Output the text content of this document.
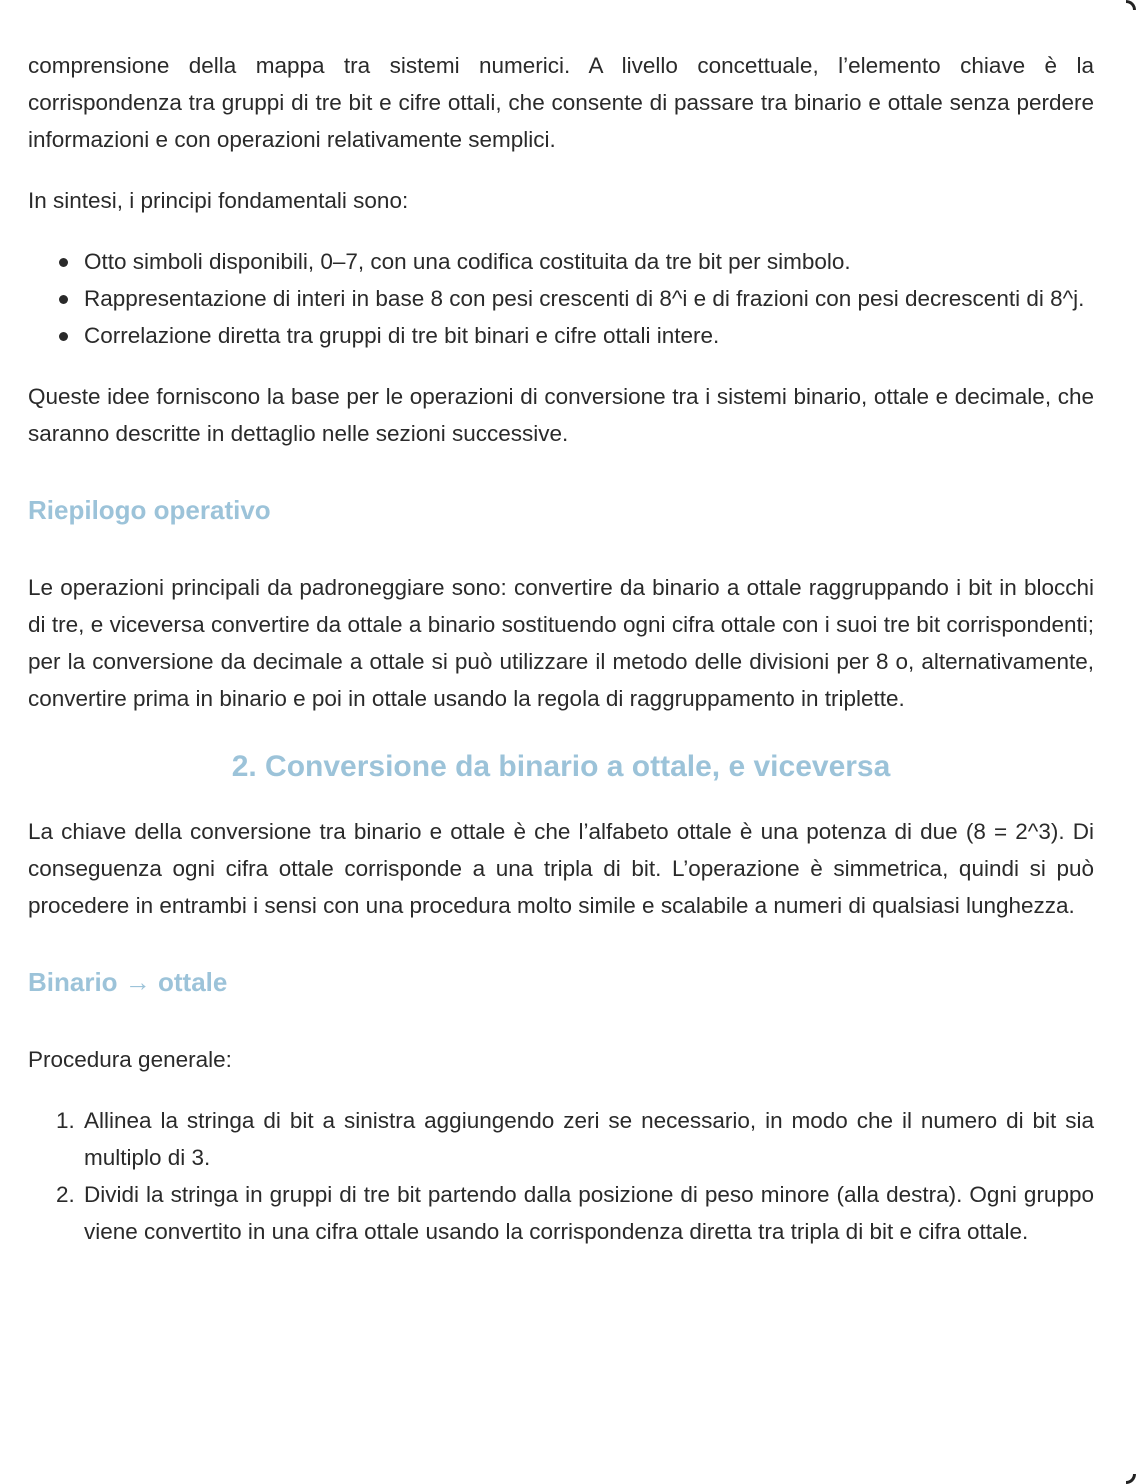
comprensione della mappa tra sistemi numerici. A livello concettuale, l’elemento chiave è la corrispondenza tra gruppi di tre bit e cifre ottali, che consente di passare tra binario e ottale senza perdere informazioni e con operazioni relativamente semplici.

In sintesi, i principi fondamentali sono:

Otto simboli disponibili, 0–7, con una codifica costituita da tre bit per simbolo.
Rappresentazione di interi in base 8 con pesi crescenti di 8^i e di frazioni con pesi decrescenti di 8^j.
Correlazione diretta tra gruppi di tre bit binari e cifre ottali intere.

Queste idee forniscono la base per le operazioni di conversione tra i sistemi binario, ottale e decimale, che saranno descritte in dettaglio nelle sezioni successive.

Riepilogo operativo

Le operazioni principali da padroneggiare sono: convertire da binario a ottale raggruppando i bit in blocchi di tre, e viceversa convertire da ottale a binario sostituendo ogni cifra ottale con i suoi tre bit corrispondenti; per la conversione da decimale a ottale si può utilizzare il metodo delle divisioni per 8 o, alternativamente, convertire prima in binario e poi in ottale usando la regola di raggruppamento in triplette.

2. Conversione da binario a ottale, e viceversa

La chiave della conversione tra binario e ottale è che l’alfabeto ottale è una potenza di due (8 = 2^3). Di conseguenza ogni cifra ottale corrisponde a una tripla di bit. L’operazione è simmetrica, quindi si può procedere in entrambi i sensi con una procedura molto simile e scalabile a numeri di qualsiasi lunghezza.

Binario → ottale

Procedura generale:

1. Allinea la stringa di bit a sinistra aggiungendo zeri se necessario, in modo che il numero di bit sia multiplo di 3.
2. Dividi la stringa in gruppi di tre bit partendo dalla posizione di peso minore (alla destra). Ogni gruppo viene convertito in una cifra ottale usando la corrispondenza diretta tra tripla di bit e cifra ottale.
